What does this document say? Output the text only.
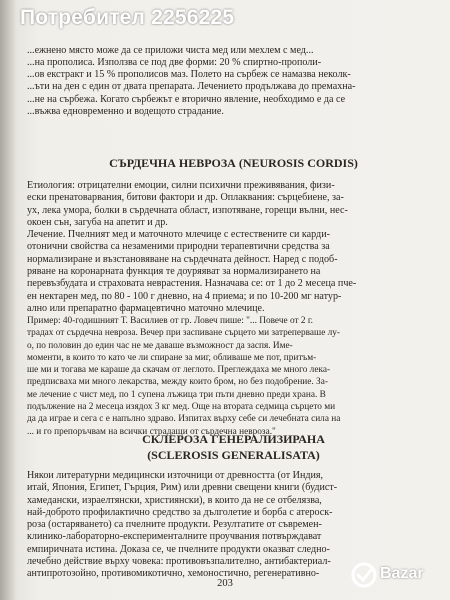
Потребител 2256225
...ежнено място може да се приложи чиста мед или мехлем с мед...
...на прополиса. Използва се под две форми: 20 % спиртно-прополи-
...ов екстракт и 15 % прополисов маз. Полето на сърбеж се намазва неколк-
...ъти на ден с един от двата препарата. Лечението продължава до премахна-
...не на сърбежа. Когато сърбежът е вторично явление, необходимо е да се
...въжва едновременно и водещото страдание.
СЪРДЕЧНА НЕВРОЗА (NEUROSIS CORDIS)
Етиология: отрицателни емоции, силни психични преживявания, физи-
ески пренатоварвания, битови фактори и др. Оплаквания: сърцебиене, за-
ух, лека умора, болки в сърдечната област, изпотяване, горещи вълни, нес-
окоен сън, загуба на апетит и др.
Лечение. Пчелният мед и маточното млечице с естествените си карди-
отонични свойства са незаменими природни терапевтични средства за
нормализиране и възстановяване на сърдечната дейност. Наред с подоб-
ряване на коронарната функция те доуряяват за нормализирането на
перевъзбудата и страховата неврастения. Назначава се: от 1 до 2 месеца пче-
ен нектарен мед, по 80 - 100 г дневно, на 4 приема; и по 10-200 мг натур-
ално или препаратно фармацевтично маточно млечице.
Пример: 40-годишният Т. Василиев от гр. Ловеч пише: "... Повече от 2 г.
традах от сърдечна невроза. Вечер при заспиване сърцето ми затреперваше лу-
о, по половин до един час не ме даваше възможност да заспя. Име-
моменти, в които то като че ли спиране за миг, обливаше ме пот, притъм-
ше ми и тогава ме караше да скачам от леглото. Преглеждаха ме много лека-
предписваха ми много лекарства, между които бром, но без подобрение. За-
ме лечение с чист мед, по 1 супена лъжица три пъти дневно преди храна. В
подължение на 2 месеца изядох 3 кг мед. Още на втората седмица сърцето ми
да да играе и сега с е напълно здраво. Изпитах върху себе си лечебната сила на
... и го препоръчвам на всички страдащи от сърдечна невроза."
СКЛЕРОЗА ГЕНЕРАЛИЗИРАНА
(SCLEROSIS GENERALISATA)
Някои литературни медицински източници от древността (от Индия,
итай, Япония, Египет, Гърция, Рим) или древни свещени книги (будист-
хамедански, израелтянски, християнски), в които да не се отбелязва,
най-доброто профилактично средство за дълголетие и борба с атероск-
роза (остаряването) са пчелните продукти. Резултатите от съвремен-
клинико-лабораторно-експерименталните проучвания потвърждават
емпиричната истина. Доказа се, че пчелните продукти оказват следно-
лечебно действие върху човека: противовъзпалително, антибактериал-
антипротозойно, противомикотично, хемоностично, регенеративно-
203
Bazar
